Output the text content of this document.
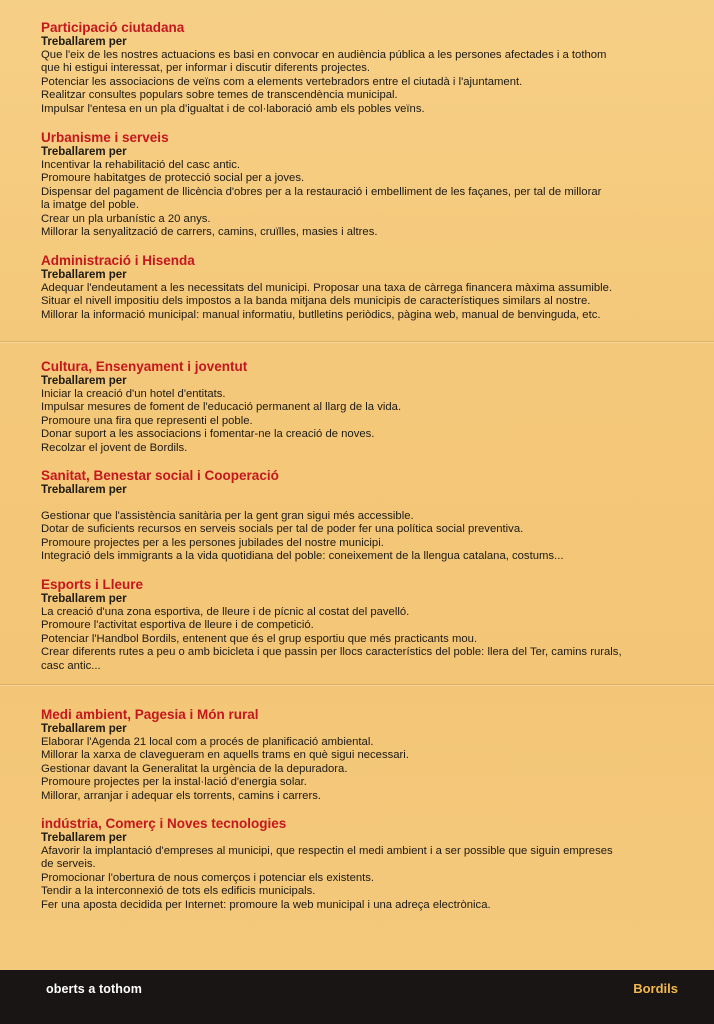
Participació ciutadana

Treballarem per

Que l'eix de les nostres actuacions es basi en convocar en audiència pública a les persones afectades i a tothom

que hi estigui interessat, per informar i discutir diferents projectes.

Potenciar les associacions de veïns com a elements vertebradors entre el ciutadà i l'ajuntament.

Realitzar consultes populars sobre temes de transcendència municipal.

Impulsar l'entesa en un pla d'igualtat i de col·laboració amb els pobles veïns.

Urbanisme i serveis

Treballarem per

Incentivar la rehabilitació del casc antic.

Promoure habitatges de protecció social per a joves.

Dispensar del pagament de llicència d'obres per a la restauració i embelliment de les façanes, per tal de millorar

la imatge del poble.

Crear un pla urbanístic a 20 anys.

Millorar la senyalització de carrers, camins, cruïlles, masies i altres.

Administració i Hisenda

Treballarem per

Adequar l'endeutament a les necessitats del municipi. Proposar una taxa de càrrega financera màxima assumible.

Situar el nivell impositiu dels impostos a la banda mitjana dels municipis de característiques similars al nostre.

Millorar la informació municipal: manual informatiu, butlletins periòdics, pàgina web, manual de benvinguda, etc.

Cultura, Ensenyament i joventut

Treballarem per

Iniciar la creació d'un hotel d'entitats.

Impulsar mesures de foment de l'educació permanent al llarg de la vida.

Promoure una fira que representi el poble.

Donar suport a les associacions i fomentar-ne la creació de noves.

Recolzar el jovent de Bordils.

Sanitat, Benestar social i Cooperació

Treballarem per

Gestionar que l'assistència sanitària per la gent gran sigui més accessible.

Dotar de suficients recursos en serveis socials per tal de poder fer una política social preventiva.

Promoure projectes per a les persones jubilades del nostre municipi.

Integració dels immigrants a la vida quotidiana del poble: coneixement de la llengua catalana, costums...

Esports i Lleure

Treballarem per

La creació d'una zona esportiva, de lleure i de pícnic al costat del pavelló.

Promoure l'activitat esportiva de lleure i de competició.

Potenciar l'Handbol Bordils, entenent que és el grup esportiu que més practicants mou.

Crear diferents rutes a peu o amb bicicleta i que passin per llocs característics del poble: llera del Ter, camins rurals,

casc antic...

Medi ambient, Pagesia i Món rural

Treballarem per

Elaborar l'Agenda 21 local com a procés de planificació ambiental.

Millorar la xarxa de clavegueram en aquells trams en què sigui necessari.

Gestionar davant la Generalitat la urgència de la depuradora.

Promoure projectes per la instal·lació d'energia solar.

Millorar, arranjar i adequar els torrents, camins i carrers.

indústria, Comerç i Noves tecnologies

Treballarem per

Afavorir la implantació d'empreses al municipi, que respectin el medi ambient i a ser possible que siguin empreses

de serveis.

Promocionar l'obertura de nous comerços i potenciar els existents.

Tendir a la interconnexió de tots els edificis municipals.

Fer una aposta decidida per Internet: promoure la web municipal i una adreça electrònica.

oberts a tothom	Bordils
